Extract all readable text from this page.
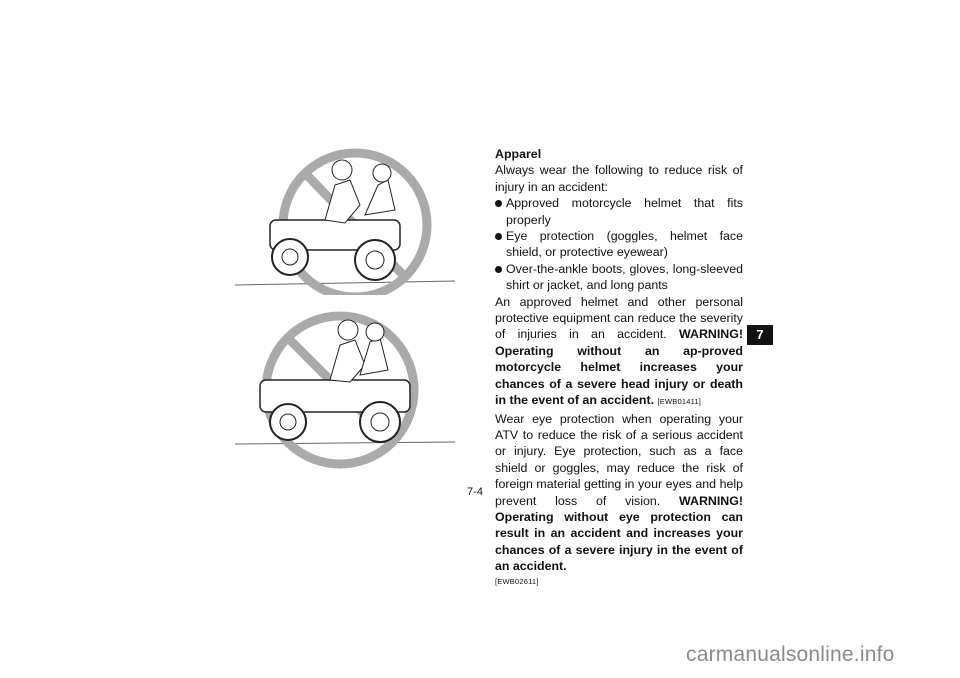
Apparel

Always wear the following to reduce risk of injury in an accident:

Approved motorcycle helmet that fits properly
Eye protection (goggles, helmet face shield, or protective eyewear)
Over-the-ankle boots, gloves, long-sleeved shirt or jacket, and long pants

An approved helmet and other personal protective equipment can reduce the severity of injuries in an accident. WARNING! Operating without an ap-proved motorcycle helmet increases your chances of a severe head injury or death in the event of an accident. [EWB01411]

Wear eye protection when operating your ATV to reduce the risk of a serious accident or injury. Eye protection, such as a face shield or goggles, may reduce the risk of foreign material getting in your eyes and help prevent loss of vision. WARNING! Operating without eye protection can result in an accident and increases your chances of a severe injury in the event of an accident.

[EWB02611]

7
7-4
carmanualsonline.info
